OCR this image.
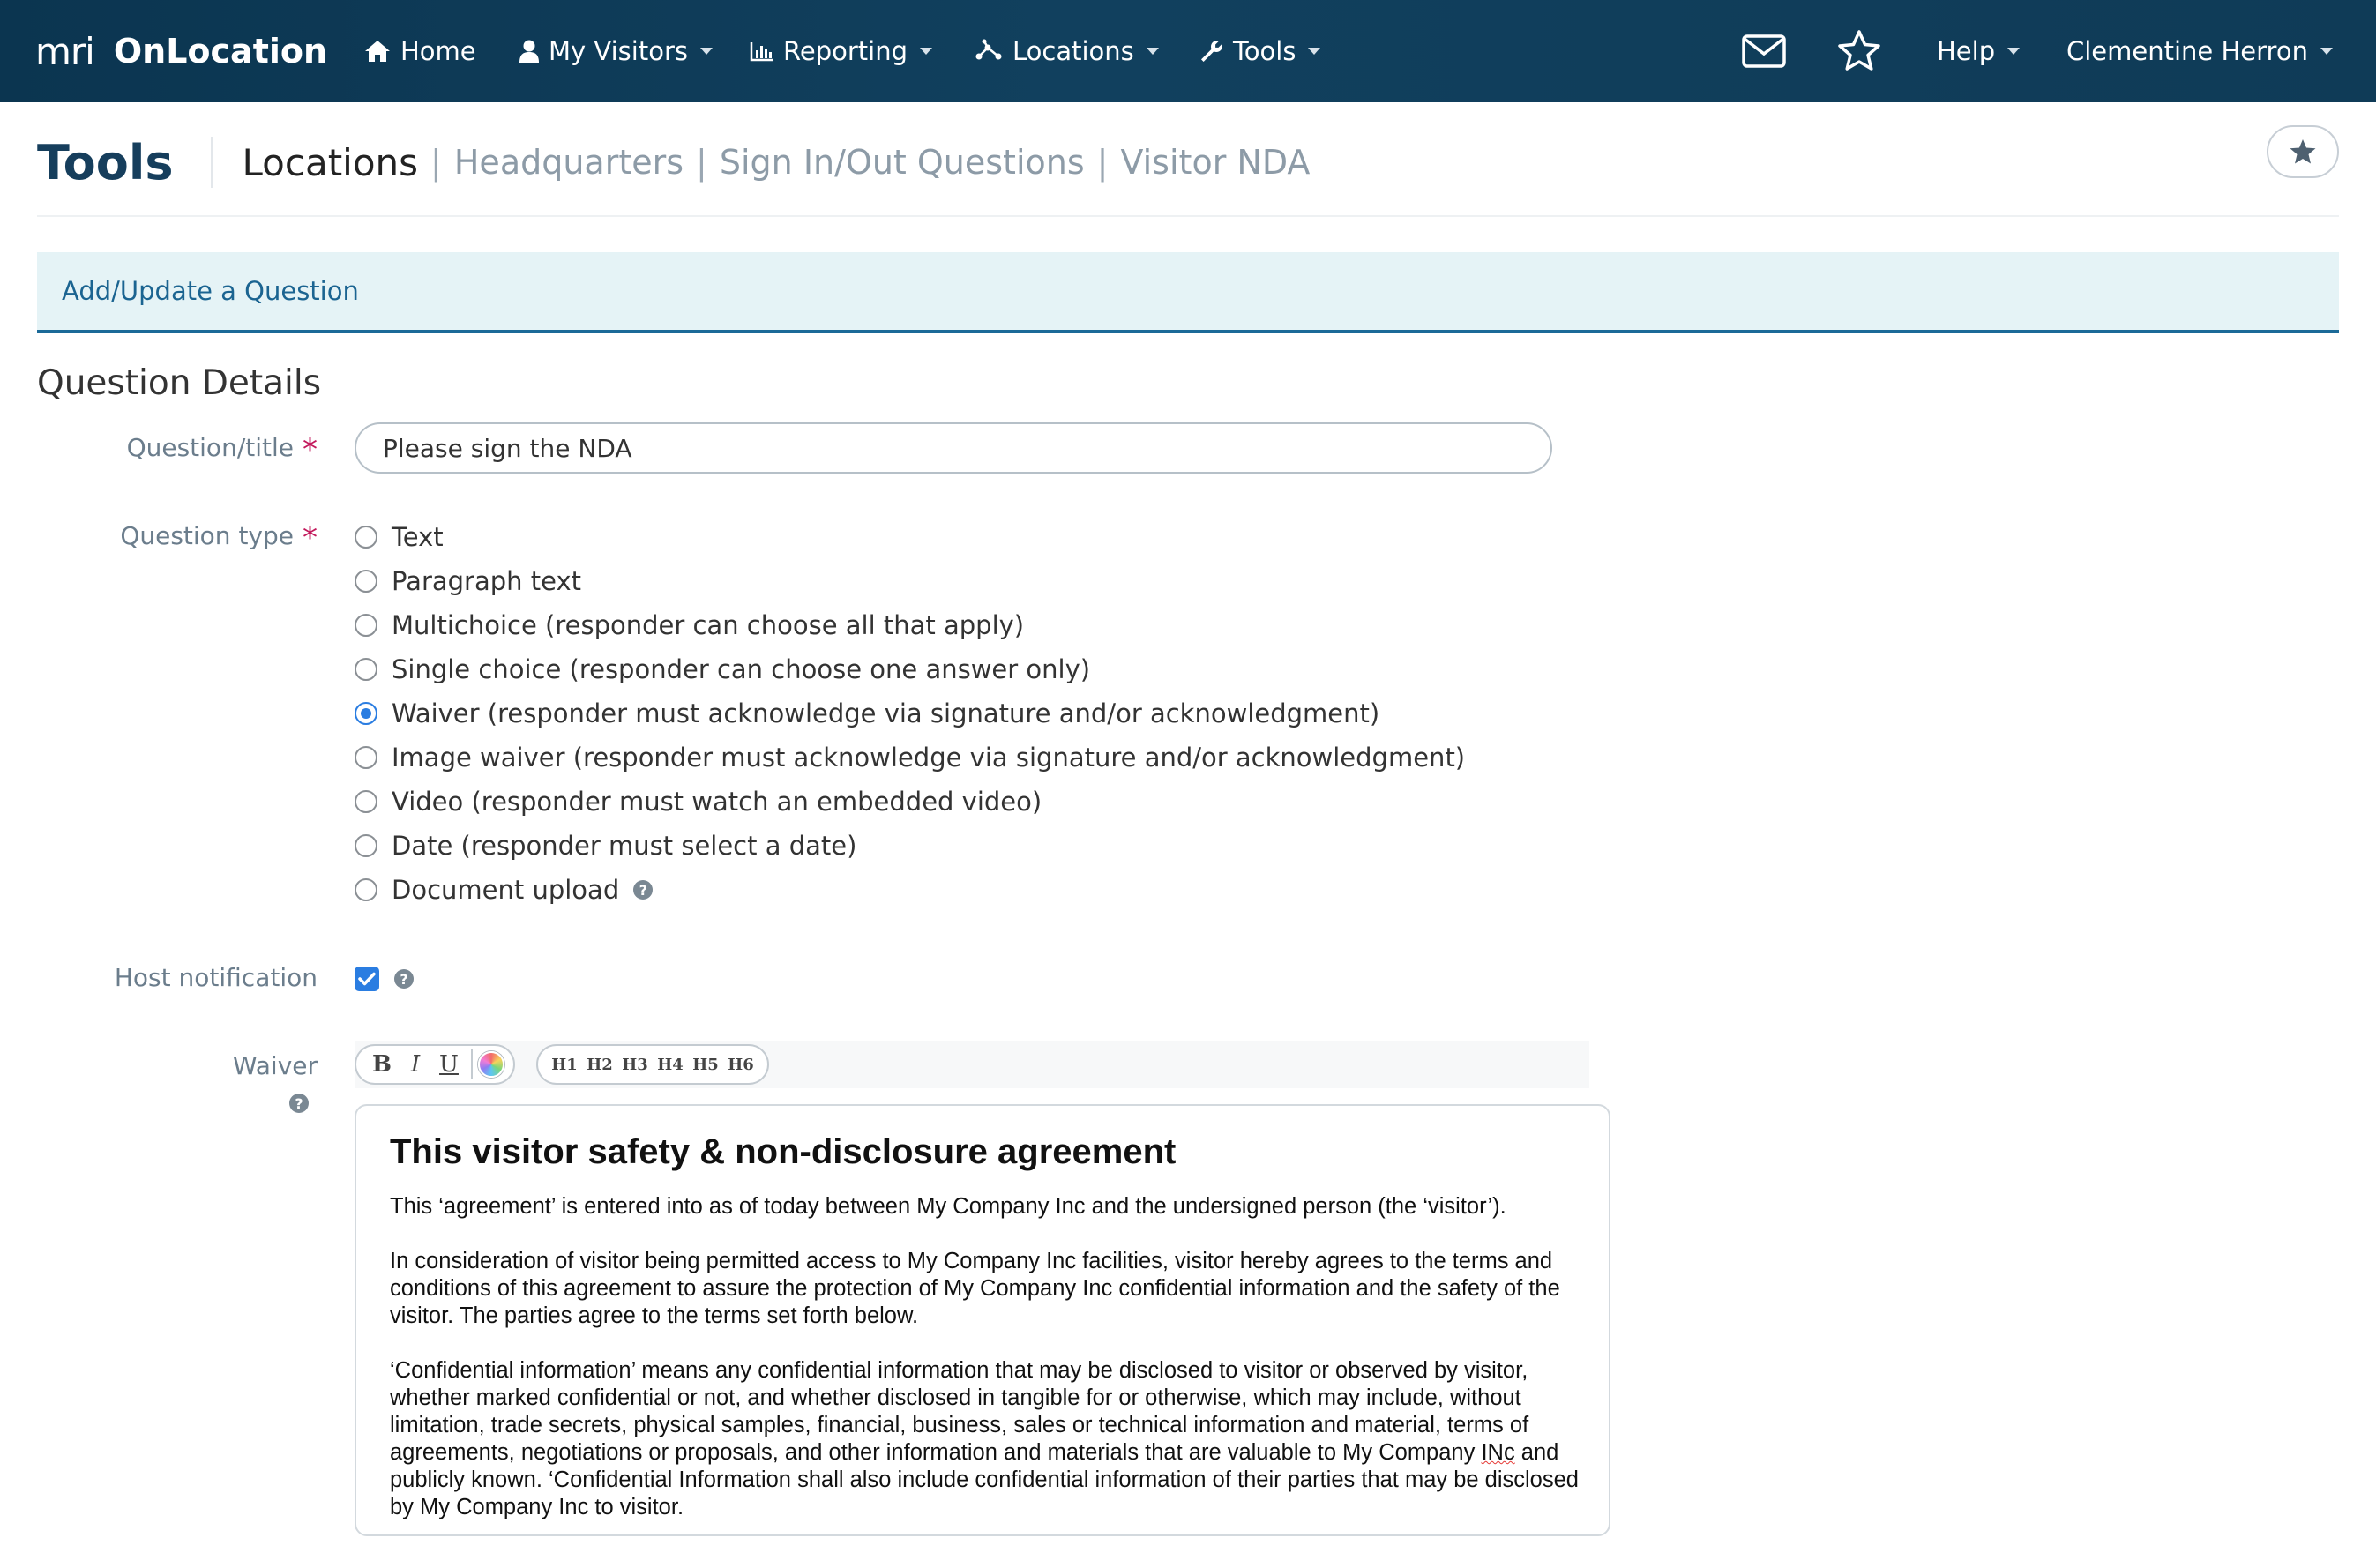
mri OnLocation	Home	My Visitors	Reporting	Locations	Tools	Help	Clementine Herron
Tools Locations | Headquarters | Sign In/Out Questions | Visitor NDA
Add/Update a Question
Question Details
Question/title *
Please sign the NDA
Question type *	Text
Paragraph text
Multichoice (responder can choose all that apply)
Single choice (responder can choose one answer only)
Waiver (responder must acknowledge via signature and/or acknowledgment)
Image waiver (responder must acknowledge via signature and/or acknowledgment)
Video (responder must watch an embedded video)
Date (responder must select a date)
Document upload	?
Host notification	?
Waiver
?
B I U	H1 H2 H3 H4 H5 H6
This visitor safety & non-disclosure agreement

This ‘agreement’ is entered into as of today between My Company Inc and the undersigned person (the ‘visitor’).

In consideration of visitor being permitted access to My Company Inc facilities, visitor hereby agrees to the terms and conditions of this agreement to assure the protection of My Company Inc confidential information and the safety of the visitor. The parties agree to the terms set forth below.

‘Confidential information’ means any confidential information that may be disclosed to visitor or observed by visitor, whether marked confidential or not, and whether disclosed in tangible for or otherwise, which may include, without limitation, trade secrets, physical samples, financial, business, sales or technical information and material, terms of agreements, negotiations or proposals, and other information and materials that are valuable to My Company INc and publicly known. ‘Confidential Information shall also include confidential information of their parties that may be disclosed by My Company Inc to visitor.
